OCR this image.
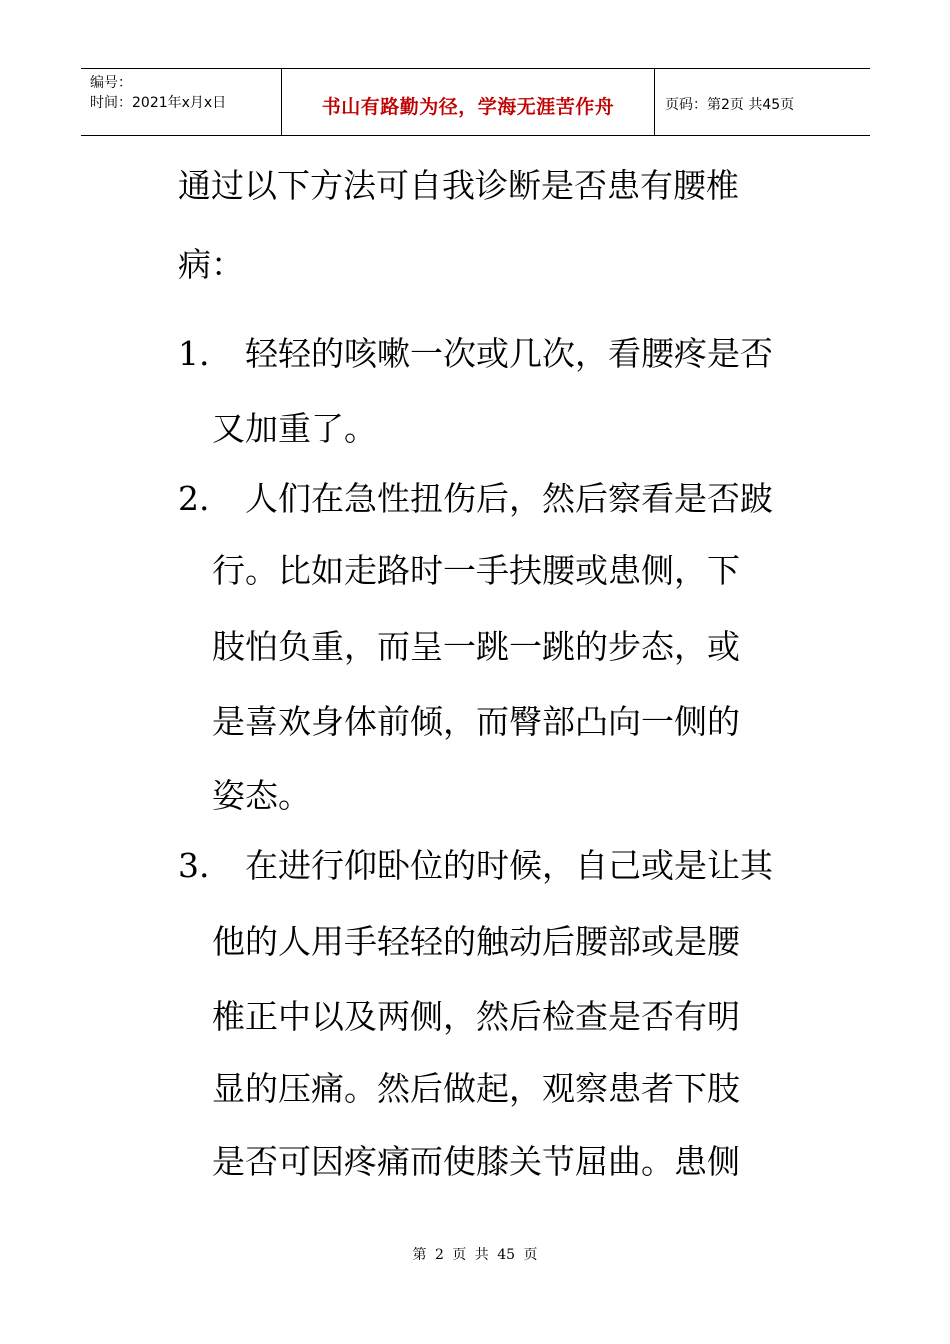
编号：
时间：2021年x月x日	书山有路勤为径，学海无涯苦作舟	页码：第2页 共45页
通过以下方法可自我诊断是否患有腰椎
病：
1. 轻轻的咳嗽一次或几次，看腰疼是否
又加重了。
2. 人们在急性扭伤后，然后察看是否跛
行。比如走路时一手扶腰或患侧，下
肢怕负重，而呈一跳一跳的步态，或
是喜欢身体前倾，而臀部凸向一侧的
姿态。
3. 在进行仰卧位的时候，自己或是让其
他的人用手轻轻的触动后腰部或是腰
椎正中以及两侧，然后检查是否有明
显的压痛。然后做起，观察患者下肢
是否可因疼痛而使膝关节屈曲。患侧
第 2 页 共 45 页
